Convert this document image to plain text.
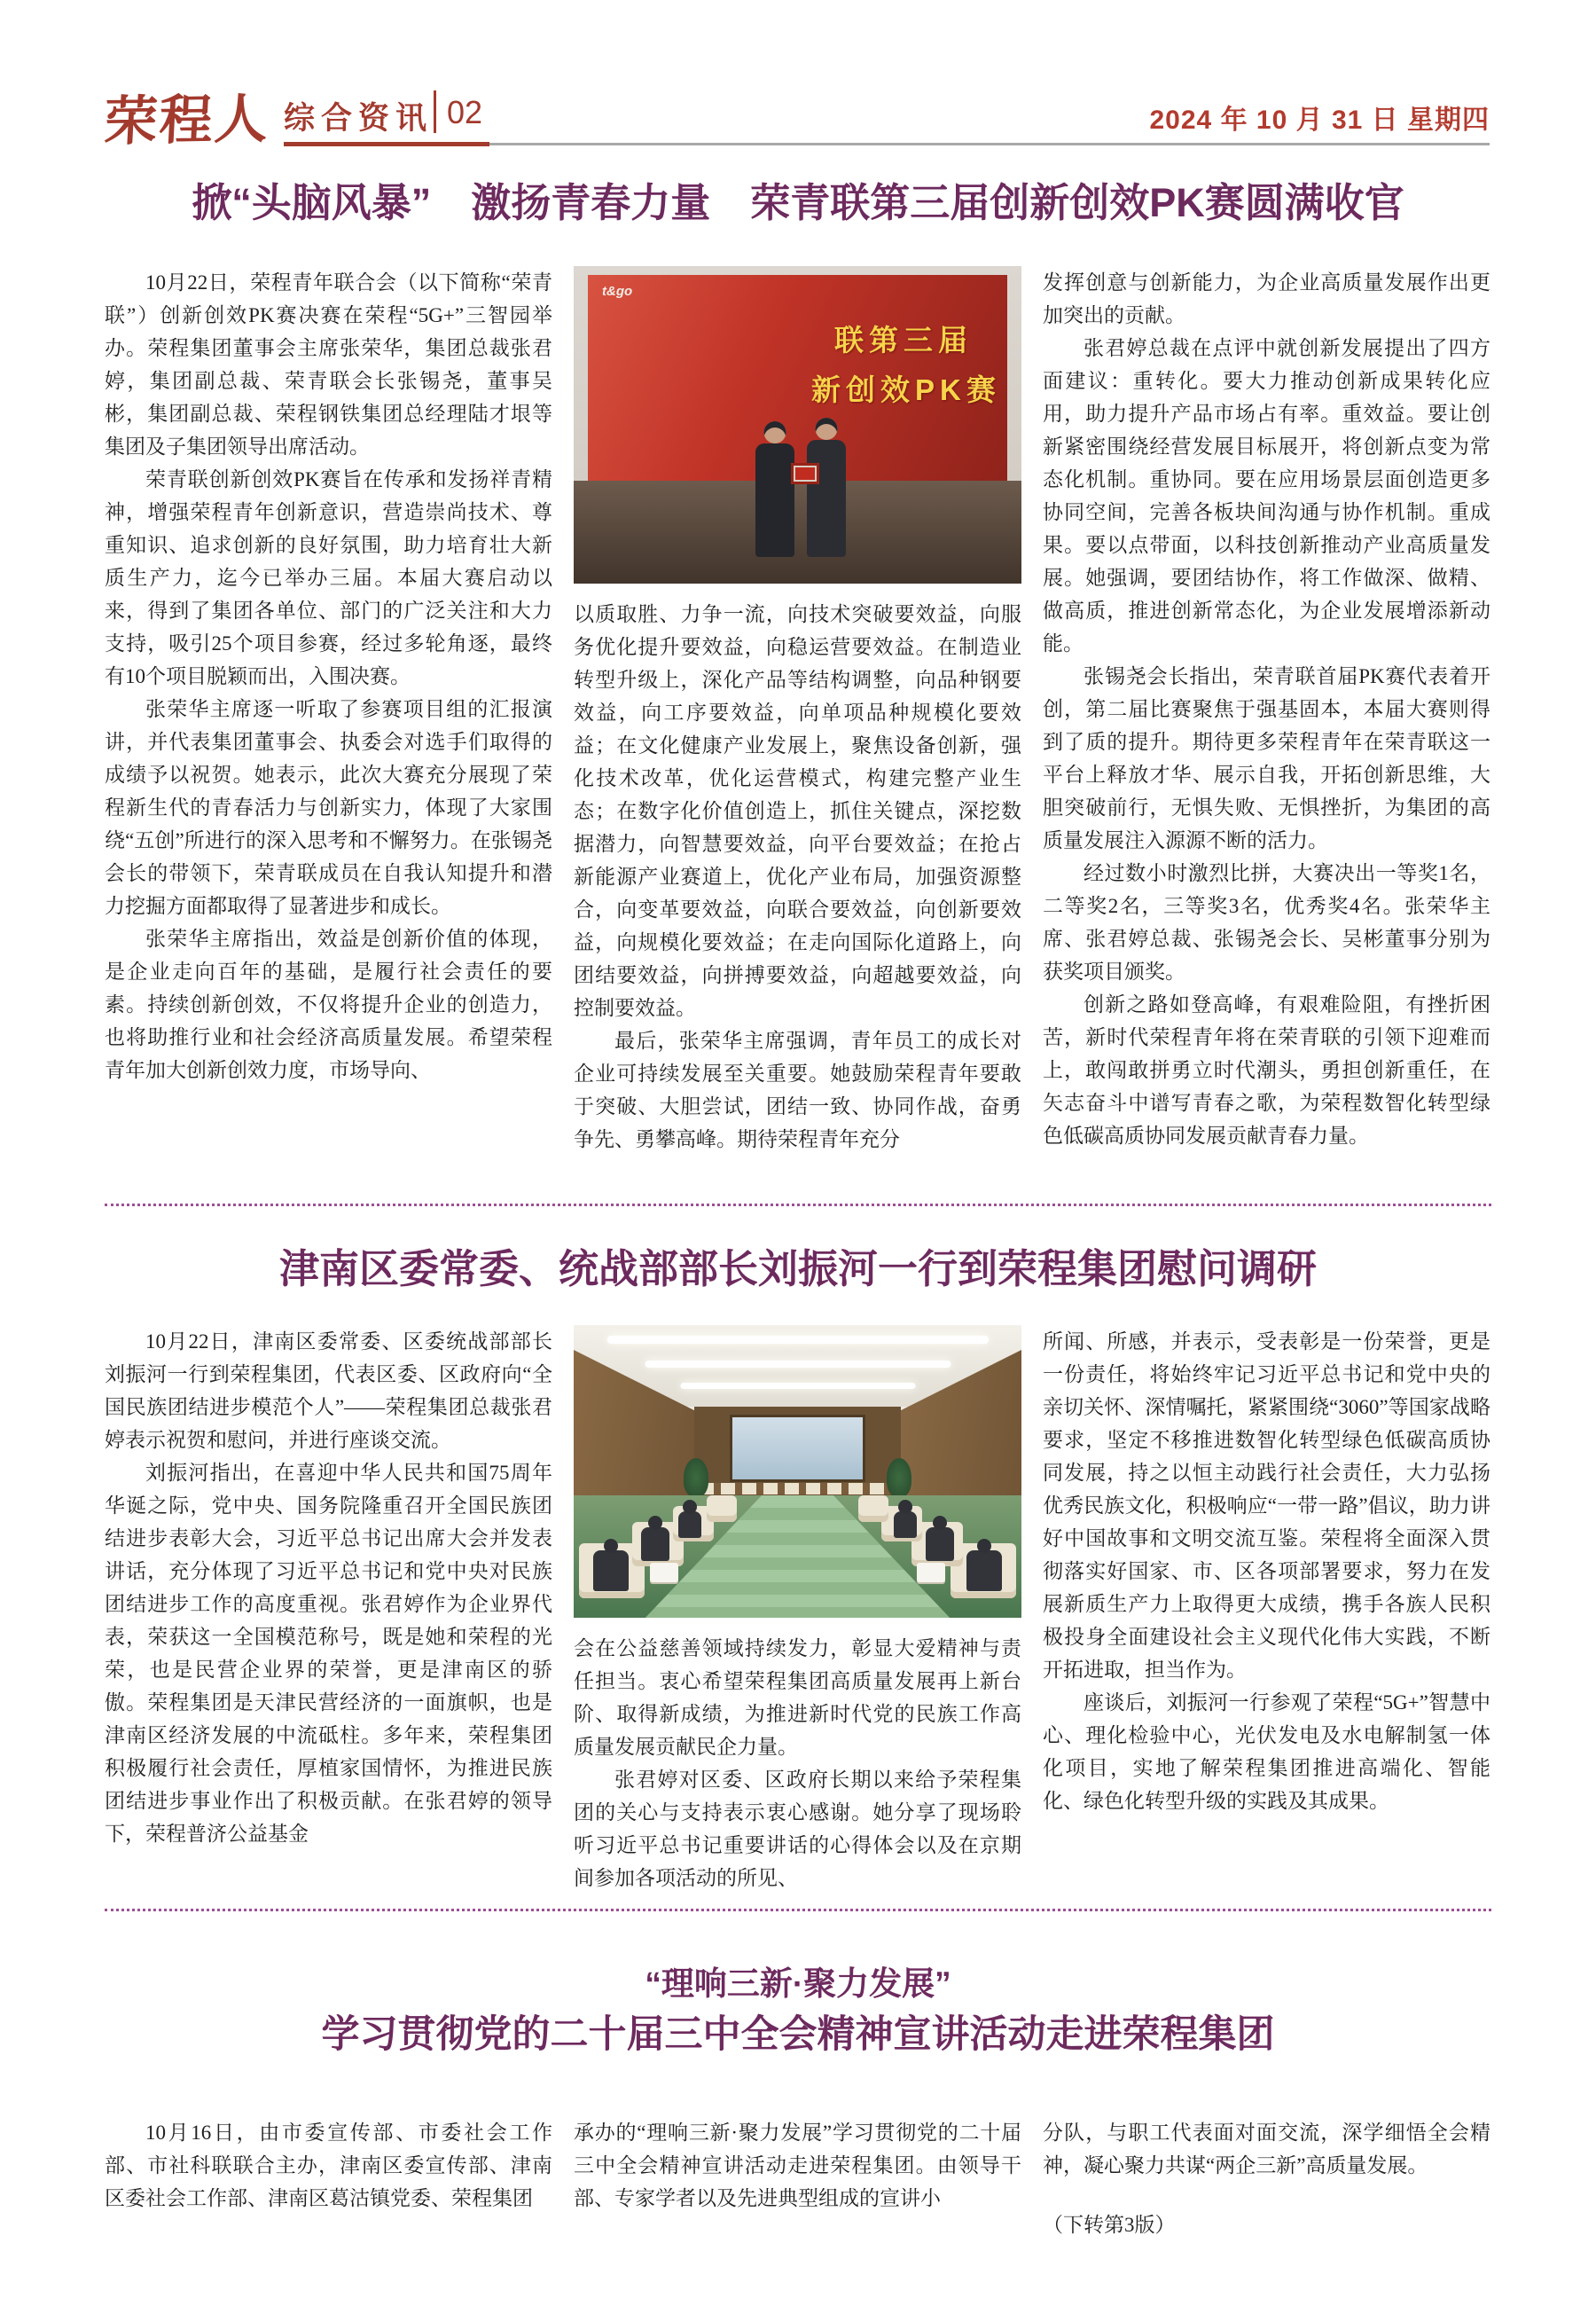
荣程人 综合资讯 02	2024 年 10 月 31 日 星期四
掀“头脑风暴”　激扬青春力量　荣青联第三届创新创效PK赛圆满收官

10月22日，荣程青年联合会（以下简称“荣青联”）创新创效PK赛决赛在荣程“5G+”三智园举办。荣程集团董事会主席张荣华，集团总裁张君婷，集团副总裁、荣青联会长张锡尧，董事吴彬，集团副总裁、荣程钢铁集团总经理陆才垠等集团及子集团领导出席活动。

荣青联创新创效PK赛旨在传承和发扬祥青精神，增强荣程青年创新意识，营造崇尚技术、尊重知识、追求创新的良好氛围，助力培育壮大新质生产力，迄今已举办三届。本届大赛启动以来，得到了集团各单位、部门的广泛关注和大力支持，吸引25个项目参赛，经过多轮角逐，最终有10个项目脱颖而出，入围决赛。

张荣华主席逐一听取了参赛项目组的汇报演讲，并代表集团董事会、执委会对选手们取得的成绩予以祝贺。她表示，此次大赛充分展现了荣程新生代的青春活力与创新实力，体现了大家围绕“五创”所进行的深入思考和不懈努力。在张锡尧会长的带领下，荣青联成员在自我认知提升和潜力挖掘方面都取得了显著进步和成长。

张荣华主席指出，效益是创新价值的体现，是企业走向百年的基础，是履行社会责任的要素。持续创新创效，不仅将提升企业的创造力，也将助推行业和社会经济高质量发展。希望荣程青年加大创新创效力度，市场导向、

t&go
联第三届
新创效PK赛

以质取胜、力争一流，向技术突破要效益，向服务优化提升要效益，向稳运营要效益。在制造业转型升级上，深化产品等结构调整，向品种钢要效益，向工序要效益，向单项品种规模化要效益；在文化健康产业发展上，聚焦设备创新，强化技术改革，优化运营模式，构建完整产业生态；在数字化价值创造上，抓住关键点，深挖数据潜力，向智慧要效益，向平台要效益；在抢占新能源产业赛道上，优化产业布局，加强资源整合，向变革要效益，向联合要效益，向创新要效益，向规模化要效益；在走向国际化道路上，向团结要效益，向拼搏要效益，向超越要效益，向控制要效益。

最后，张荣华主席强调，青年员工的成长对企业可持续发展至关重要。她鼓励荣程青年要敢于突破、大胆尝试，团结一致、协同作战，奋勇争先、勇攀高峰。期待荣程青年充分

发挥创意与创新能力，为企业高质量发展作出更加突出的贡献。

张君婷总裁在点评中就创新发展提出了四方面建议：重转化。要大力推动创新成果转化应用，助力提升产品市场占有率。重效益。要让创新紧密围绕经营发展目标展开，将创新点变为常态化机制。重协同。要在应用场景层面创造更多协同空间，完善各板块间沟通与协作机制。重成果。要以点带面，以科技创新推动产业高质量发展。她强调，要团结协作，将工作做深、做精、做高质，推进创新常态化，为企业发展增添新动能。

张锡尧会长指出，荣青联首届PK赛代表着开创，第二届比赛聚焦于强基固本，本届大赛则得到了质的提升。期待更多荣程青年在荣青联这一平台上释放才华、展示自我，开拓创新思维，大胆突破前行，无惧失败、无惧挫折，为集团的高质量发展注入源源不断的活力。

经过数小时激烈比拼，大赛决出一等奖1名，二等奖2名，三等奖3名，优秀奖4名。张荣华主席、张君婷总裁、张锡尧会长、吴彬董事分别为获奖项目颁奖。

创新之路如登高峰，有艰难险阻，有挫折困苦，新时代荣程青年将在荣青联的引领下迎难而上，敢闯敢拼勇立时代潮头，勇担创新重任，在矢志奋斗中谱写青春之歌，为荣程数智化转型绿色低碳高质协同发展贡献青春力量。

津南区委常委、统战部部长刘振河一行到荣程集团慰问调研

10月22日，津南区委常委、区委统战部部长刘振河一行到荣程集团，代表区委、区政府向“全国民族团结进步模范个人”——荣程集团总裁张君婷表示祝贺和慰问，并进行座谈交流。

刘振河指出，在喜迎中华人民共和国75周年华诞之际，党中央、国务院隆重召开全国民族团结进步表彰大会，习近平总书记出席大会并发表讲话，充分体现了习近平总书记和党中央对民族团结进步工作的高度重视。张君婷作为企业界代表，荣获这一全国模范称号，既是她和荣程的光荣，也是民营企业界的荣誉，更是津南区的骄傲。荣程集团是天津民营经济的一面旗帜，也是津南区经济发展的中流砥柱。多年来，荣程集团积极履行社会责任，厚植家国情怀，为推进民族团结进步事业作出了积极贡献。在张君婷的领导下，荣程普济公益基金

会在公益慈善领域持续发力，彰显大爱精神与责任担当。衷心希望荣程集团高质量发展再上新台阶、取得新成绩，为推进新时代党的民族工作高质量发展贡献民企力量。

张君婷对区委、区政府长期以来给予荣程集团的关心与支持表示衷心感谢。她分享了现场聆听习近平总书记重要讲话的心得体会以及在京期间参加各项活动的所见、

所闻、所感，并表示，受表彰是一份荣誉，更是一份责任，将始终牢记习近平总书记和党中央的亲切关怀、深情嘱托，紧紧围绕“3060”等国家战略要求，坚定不移推进数智化转型绿色低碳高质协同发展，持之以恒主动践行社会责任，大力弘扬优秀民族文化，积极响应“一带一路”倡议，助力讲好中国故事和文明交流互鉴。荣程将全面深入贯彻落实好国家、市、区各项部署要求，努力在发展新质生产力上取得更大成绩，携手各族人民积极投身全面建设社会主义现代化伟大实践，不断开拓进取，担当作为。

座谈后，刘振河一行参观了荣程“5G+”智慧中心、理化检验中心，光伏发电及水电解制氢一体化项目，实地了解荣程集团推进高端化、智能化、绿色化转型升级的实践及其成果。

“理响三新·聚力发展”
学习贯彻党的二十届三中全会精神宣讲活动走进荣程集团

10月16日，由市委宣传部、市委社会工作部、市社科联联合主办，津南区委宣传部、津南区委社会工作部、津南区葛沽镇党委、荣程集团

承办的“理响三新·聚力发展”学习贯彻党的二十届三中全会精神宣讲活动走进荣程集团。由领导干部、专家学者以及先进典型组成的宣讲小

分队，与职工代表面对面交流，深学细悟全会精神，凝心聚力共谋“两企三新”高质量发展。

（下转第3版）
